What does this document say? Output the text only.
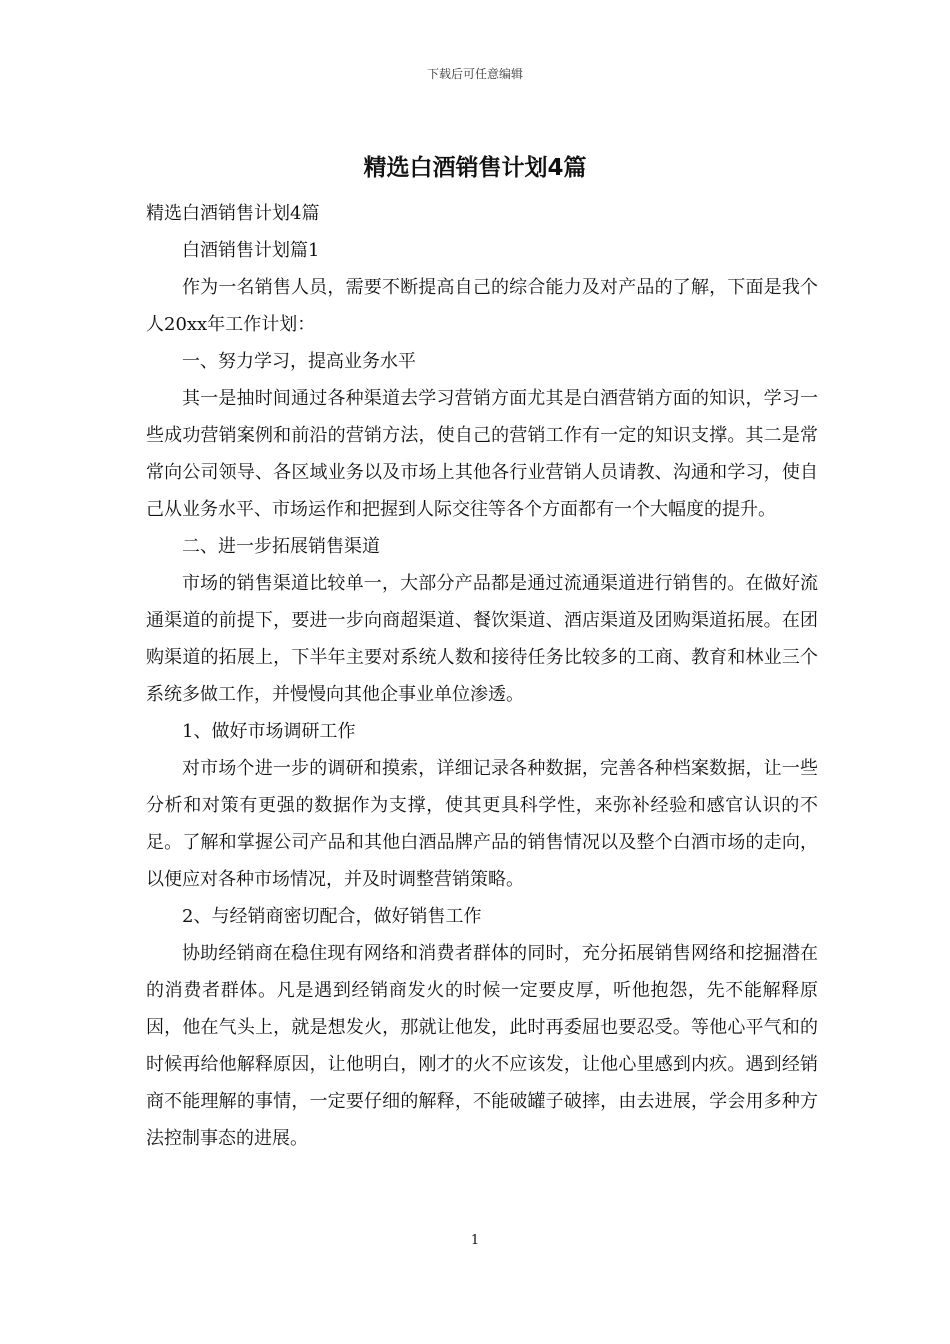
下载后可任意编辑
精选白酒销售计划4篇

精选白酒销售计划4篇

白酒销售计划篇1

作为一名销售人员，需要不断提高自己的综合能力及对产品的了解，下面是我个人20xx年工作计划：

一、努力学习，提高业务水平

其一是抽时间通过各种渠道去学习营销方面尤其是白酒营销方面的知识，学习一些成功营销案例和前沿的营销方法，使自己的营销工作有一定的知识支撑。其二是常常向公司领导、各区域业务以及市场上其他各行业营销人员请教、沟通和学习，使自己从业务水平、市场运作和把握到人际交往等各个方面都有一个大幅度的提升。

二、进一步拓展销售渠道

市场的销售渠道比较单一，大部分产品都是通过流通渠道进行销售的。在做好流通渠道的前提下，要进一步向商超渠道、餐饮渠道、酒店渠道及团购渠道拓展。在团购渠道的拓展上，下半年主要对系统人数和接待任务比较多的工商、教育和林业三个系统多做工作，并慢慢向其他企事业单位渗透。

1、做好市场调研工作

对市场个进一步的调研和摸索，详细记录各种数据，完善各种档案数据，让一些分析和对策有更强的数据作为支撑，使其更具科学性，来弥补经验和感官认识的不足。了解和掌握公司产品和其他白酒品牌产品的销售情况以及整个白酒市场的走向，以便应对各种市场情况，并及时调整营销策略。

2、与经销商密切配合，做好销售工作

协助经销商在稳住现有网络和消费者群体的同时，充分拓展销售网络和挖掘潜在的消费者群体。凡是遇到经销商发火的时候一定要皮厚，听他抱怨，先不能解释原因，他在气头上，就是想发火，那就让他发，此时再委屈也要忍受。等他心平气和的时候再给他解释原因，让他明白，刚才的火不应该发，让他心里感到内疚。遇到经销商不能理解的事情，一定要仔细的解释，不能破罐子破摔，由去进展，学会用多种方法控制事态的进展。

1
